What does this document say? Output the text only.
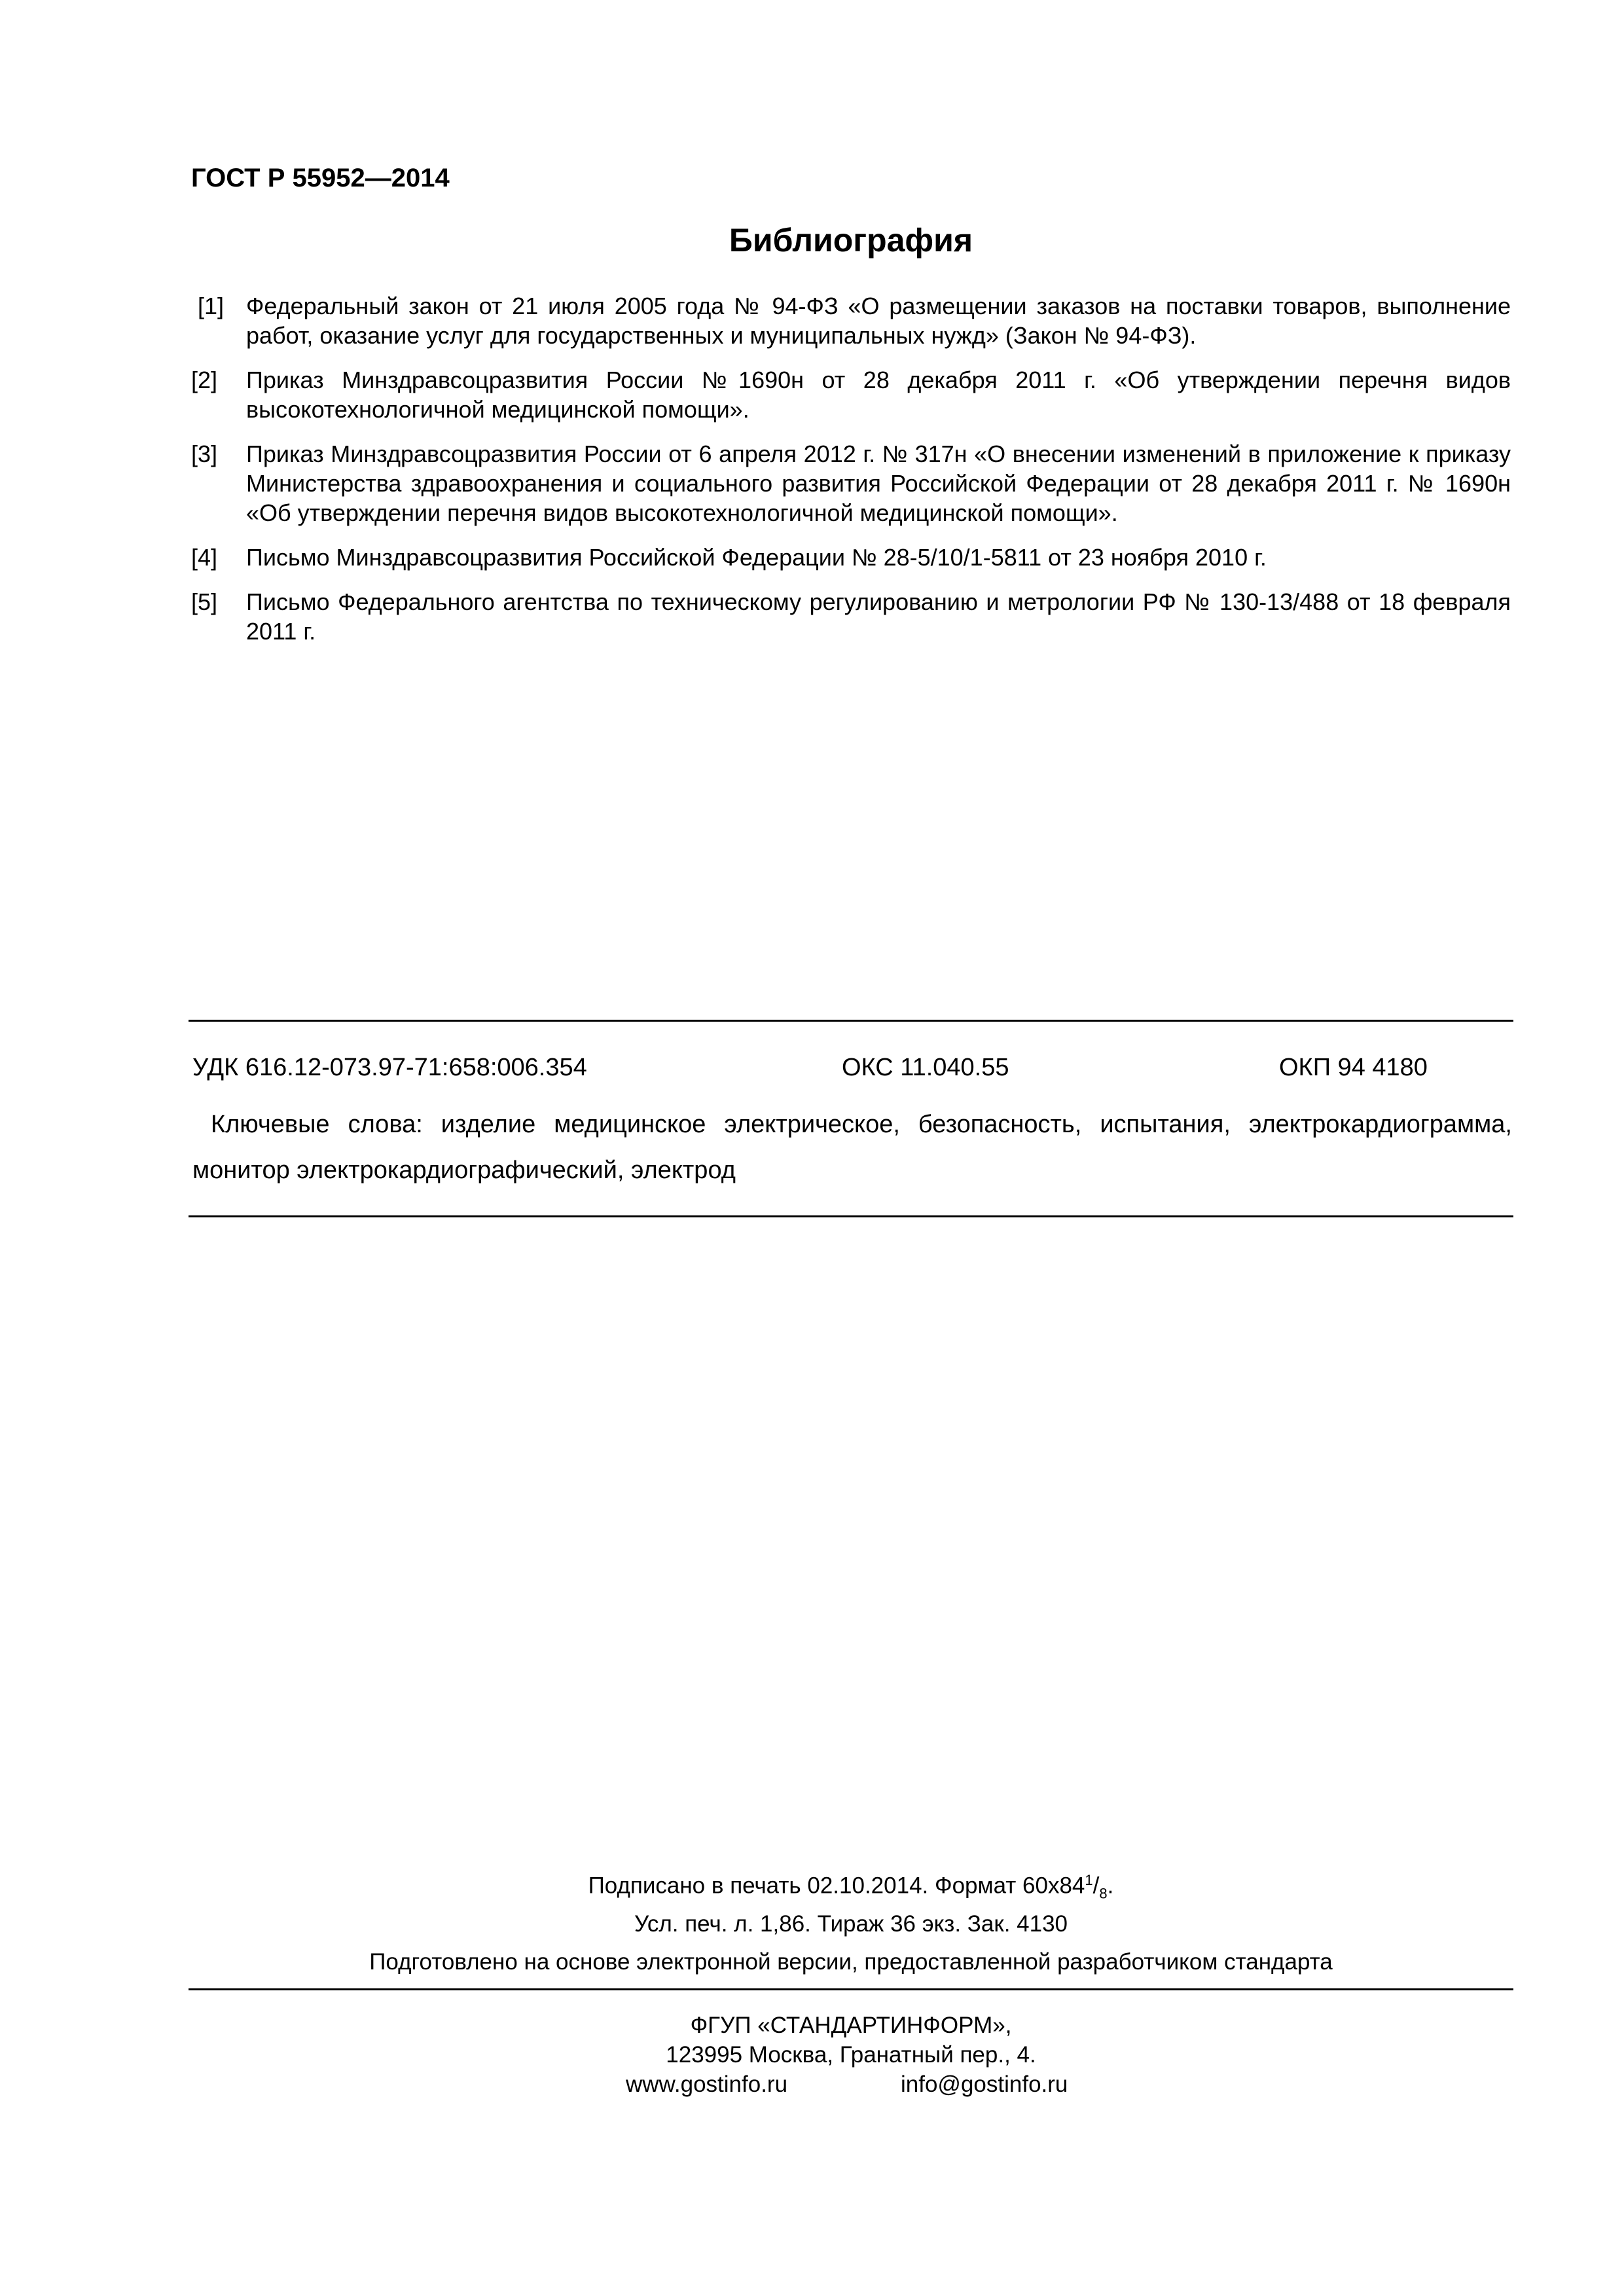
ГОСТ Р 55952—2014
Библиография
[1] Федеральный закон от 21 июля 2005 года № 94-ФЗ «О размещении заказов на поставки товаров, выполнение работ, оказание услуг для государственных и муниципальных нужд» (Закон № 94-ФЗ).
[2]	Приказ Минздравсоцразвития России №1690н от 28 декабря 2011 г. «Об утверждении перечня видов высокотехнологичной медицинской помощи».
[3]	Приказ Минздравсоцразвития России от 6 апреля 2012 г. № 317н «О внесении изменений в приложение к приказу Министерства здравоохранения и социального развития Российской Федерации от 28 декабря 2011 г. № 1690н «Об утверждении перечня видов высокотехнологичной медицинской помощи».
[4]	Письмо Минздравсоцразвития Российской Федерации № 28-5/10/1-5811 от 23 ноября 2010 г.
[5]	Письмо Федерального агентства по техническому регулированию и метрологии РФ № 130-13/488 от 18 февраля 2011 г.
УДК 616.12-073.97-71:658:006.354	ОКС 11.040.55	ОКП 94 4180
Ключевые слова: изделие медицинское электрическое, безопасность, испытания, электрокардиограмма, монитор электрокардиографический, электрод
Подписано в печать 02.10.2014. Формат $60х84^1/_8$.
Усл. печ. л. 1,86. Тираж 36 экз. Зак. 4130
Подготовлено на основе электронной версии, предоставленной разработчиком стандарта
ФГУП «СТАНДАРТИНФОРМ»,
123995 Москва, Гранатный пер., 4.
www.gostinfo.ru	info@gostinfo.ru
